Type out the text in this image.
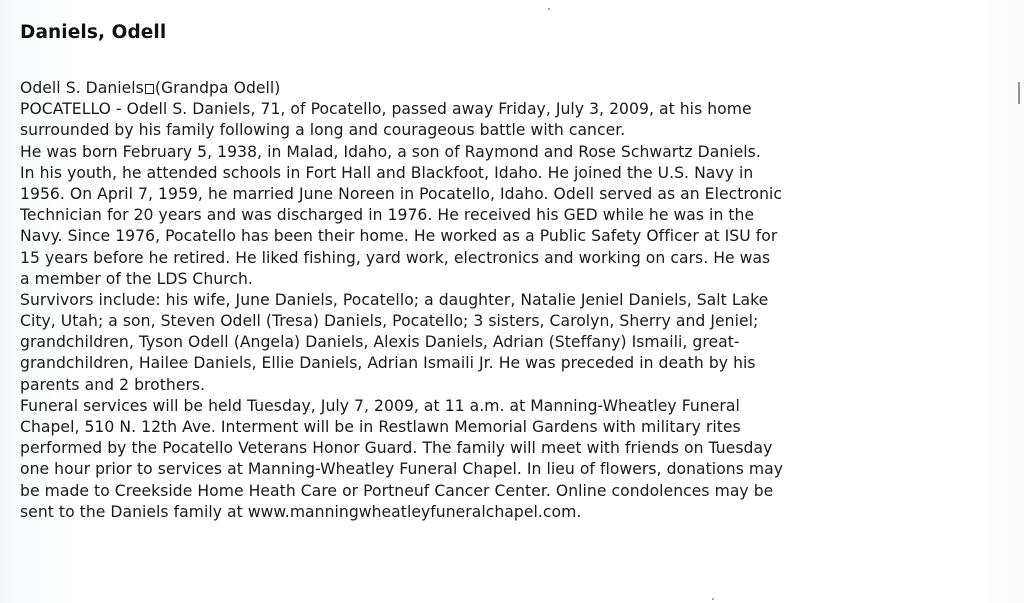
Daniels, Odell
Odell S. Daniels (Grandpa Odell)
POCATELLO - Odell S. Daniels, 71, of Pocatello, passed away Friday, July 3, 2009, at his home
surrounded by his family following a long and courageous battle with cancer.
He was born February 5, 1938, in Malad, Idaho, a son of Raymond and Rose Schwartz Daniels.
In his youth, he attended schools in Fort Hall and Blackfoot, Idaho. He joined the U.S. Navy in
1956. On April 7, 1959, he married June Noreen in Pocatello, Idaho. Odell served as an Electronic
Technician for 20 years and was discharged in 1976. He received his GED while he was in the
Navy. Since 1976, Pocatello has been their home. He worked as a Public Safety Officer at ISU for
15 years before he retired. He liked fishing, yard work, electronics and working on cars. He was
a member of the LDS Church.
Survivors include: his wife, June Daniels, Pocatello; a daughter, Natalie Jeniel Daniels, Salt Lake
City, Utah; a son, Steven Odell (Tresa) Daniels, Pocatello; 3 sisters, Carolyn, Sherry and Jeniel;
grandchildren, Tyson Odell (Angela) Daniels, Alexis Daniels, Adrian (Steffany) Ismaili, great-
grandchildren, Hailee Daniels, Ellie Daniels, Adrian Ismaili Jr. He was preceded in death by his
parents and 2 brothers.
Funeral services will be held Tuesday, July 7, 2009, at 11 a.m. at Manning-Wheatley Funeral
Chapel, 510 N. 12th Ave. Interment will be in Restlawn Memorial Gardens with military rites
performed by the Pocatello Veterans Honor Guard. The family will meet with friends on Tuesday
one hour prior to services at Manning-Wheatley Funeral Chapel. In lieu of flowers, donations may
be made to Creekside Home Heath Care or Portneuf Cancer Center. Online condolences may be
sent to the Daniels family at www.manningwheatleyfuneralchapel.com.
